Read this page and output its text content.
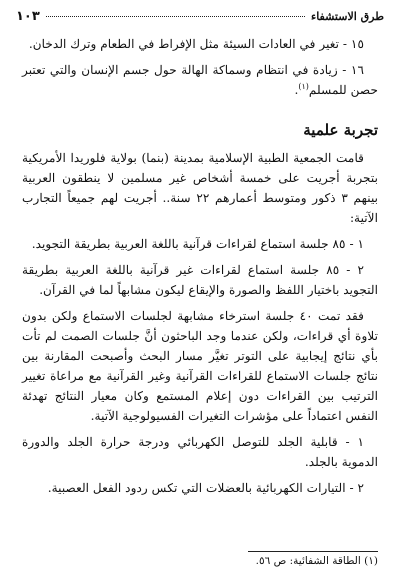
طرق الاستشفاء
١٠٣

١٥ - تغير في العادات السيئة مثل الإفراط في الطعام وترك الدخان.

١٦ - زيادة في انتظام وسماكة الهالة حول جسم الإنسان والتي تعتبر حصن للمسلم$^{(١)}$.

تجربة علمية

قامت الجمعية الطبية الإسلامية بمدينة (بنما) بولاية فلوريدا الأمريكية بتجربة أجريت على خمسة أشخاص غير مسلمين لا ينطقون العربية بينهم ٣ ذكور ومتوسط أعمارهم ٢٢ سنة.. أجريت لهم جميعاً التجارب الآتية:

١ - ٨٥ جلسة استماع لقراءات قرآنية باللغة العربية بطريقة التجويد.

٢ - ٨٥ جلسة استماع لقراءات غير قرآنية باللغة العربية بطريقة التجويد باختيار اللفظ والصورة والإيقاع ليكون مشابهاً لما في القرآن.

فقد تمت ٤٠ جلسة استرخاء مشابهة لجلسات الاستماع ولكن بدون تلاوة أي قراءات، ولكن عندما وجد الباحثون أنَّ جلسات الصمت لم تأت بأي نتائج إيجابية على التوتر تغيَّر مسار البحث وأصبحت المقارنة بين نتائج جلسات الاستماع للقراءات القرآنية وغير القرآنية مع مراعاة تغيير الترتيب بين القراءات دون إعلام المستمع وكان معيار النتائج تهدئة النفس اعتماداً على مؤشرات التغيرات الفسيولوجية الآتية.

١ - قابلية الجلد للتوصل الكهربائي ودرجة حرارة الجلد والدورة الدموية بالجلد.

٢ - التيارات الكهربائية بالعضلات التي تكس ردود الفعل العصبية.

(١) الطاقة الشفائية: ص ٥٦.
